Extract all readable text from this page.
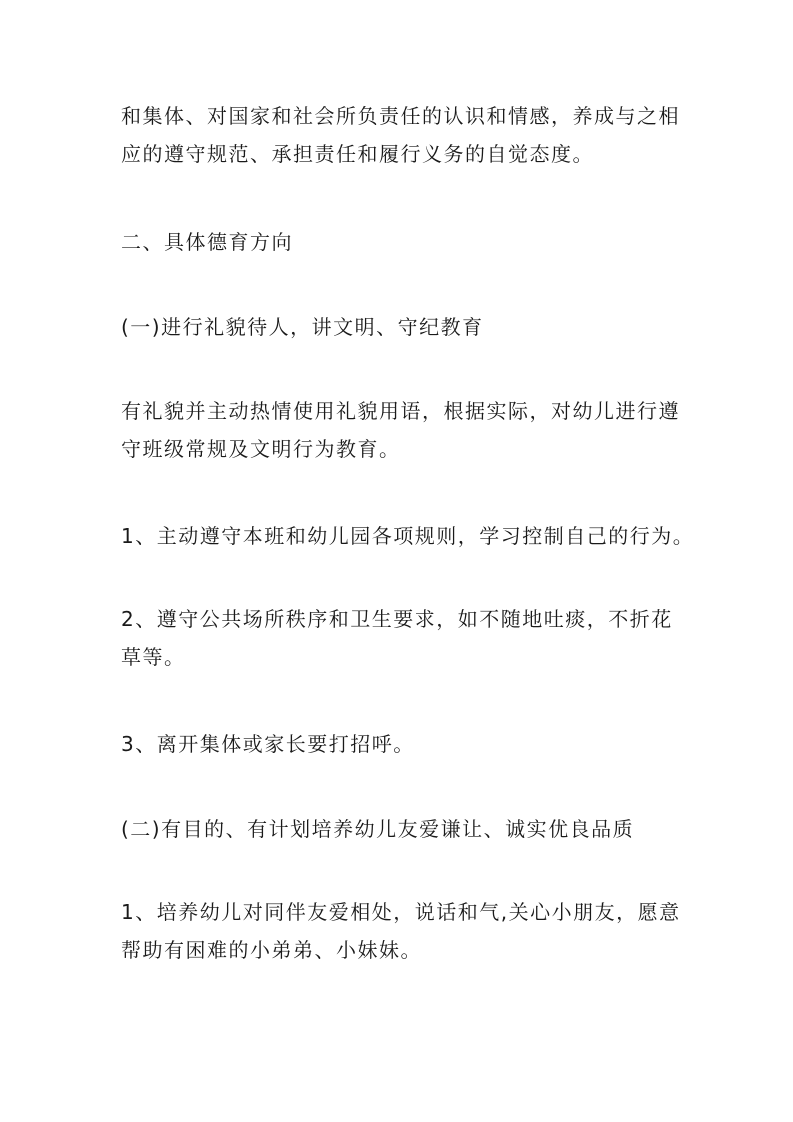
和集体、对国家和社会所负责任的认识和情感，养成与之相
应的遵守规范、承担责任和履行义务的自觉态度。

二、具体德育方向

(一)进行礼貌待人，讲文明、守纪教育

有礼貌并主动热情使用礼貌用语，根据实际，对幼儿进行遵
守班级常规及文明行为教育。

1、主动遵守本班和幼儿园各项规则，学习控制自己的行为。

2、遵守公共场所秩序和卫生要求，如不随地吐痰，不折花
草等。

3、离开集体或家长要打招呼。

(二)有目的、有计划培养幼儿友爱谦让、诚实优良品质

1、培养幼儿对同伴友爱相处，说话和气,关心小朋友，愿意
帮助有困难的小弟弟、小妹妹。
